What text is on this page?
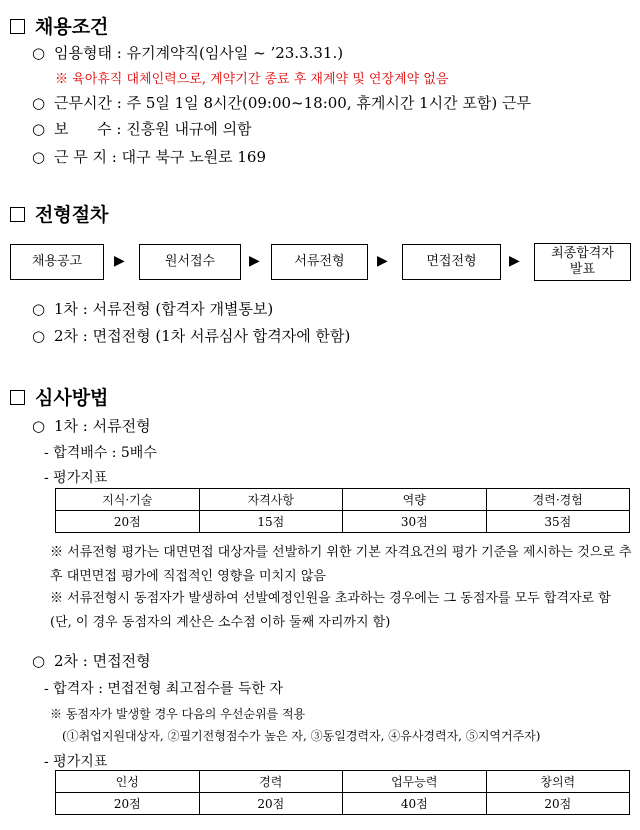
채용조건
○ 임용형태 : 유기계약직(임사일 ~ ’23.3.31.)
※ 육아휴직 대체인력으로, 계약기간 종료 후 재계약 및 연장계약 없음
○ 근무시간 : 주 5일 1일 8시간(09:00~18:00, 휴게시간 1시간 포함) 근무
○ 보      수 : 진흥원 내규에 의함
○ 근 무 지 : 대구 북구 노원로 169
전형절차
채용공고	▶	원서접수	▶	서류전형	▶	면접전형	▶	최종합격자
발표
○ 1차 : 서류전형 (합격자 개별통보)
○ 2차 : 면접전형 (1차 서류심사 합격자에 한함)
심사방법
○ 1차 : 서류전형
- 합격배수 : 5배수
- 평가지표
지식·기술	자격사항	역량	경력·경험
20점	15점	30점	35점
※ 서류전형 평가는 대면면접 대상자를 선발하기 위한 기본 자격요건의 평가 기준을 제시하는 것으로 추후 대면면접 평가에 직접적인 영향을 미치지 않음
※ 서류전형시 동점자가 발생하여 선발예정인원을 초과하는 경우에는 그 동점자를 모두 합격자로 함(단, 이 경우 동점자의 계산은 소수점 이하 둘째 자리까지 함)
○ 2차 : 면접전형
- 합격자 : 면접전형 최고점수를 득한 자
※ 동점자가 발생할 경우 다음의 우선순위를 적용
(①취업지원대상자, ②필기전형점수가 높은 자, ③동일경력자, ④유사경력자, ⑤지역거주자)
- 평가지표
인성	경력	업무능력	창의력
20점	20점	40점	20점
